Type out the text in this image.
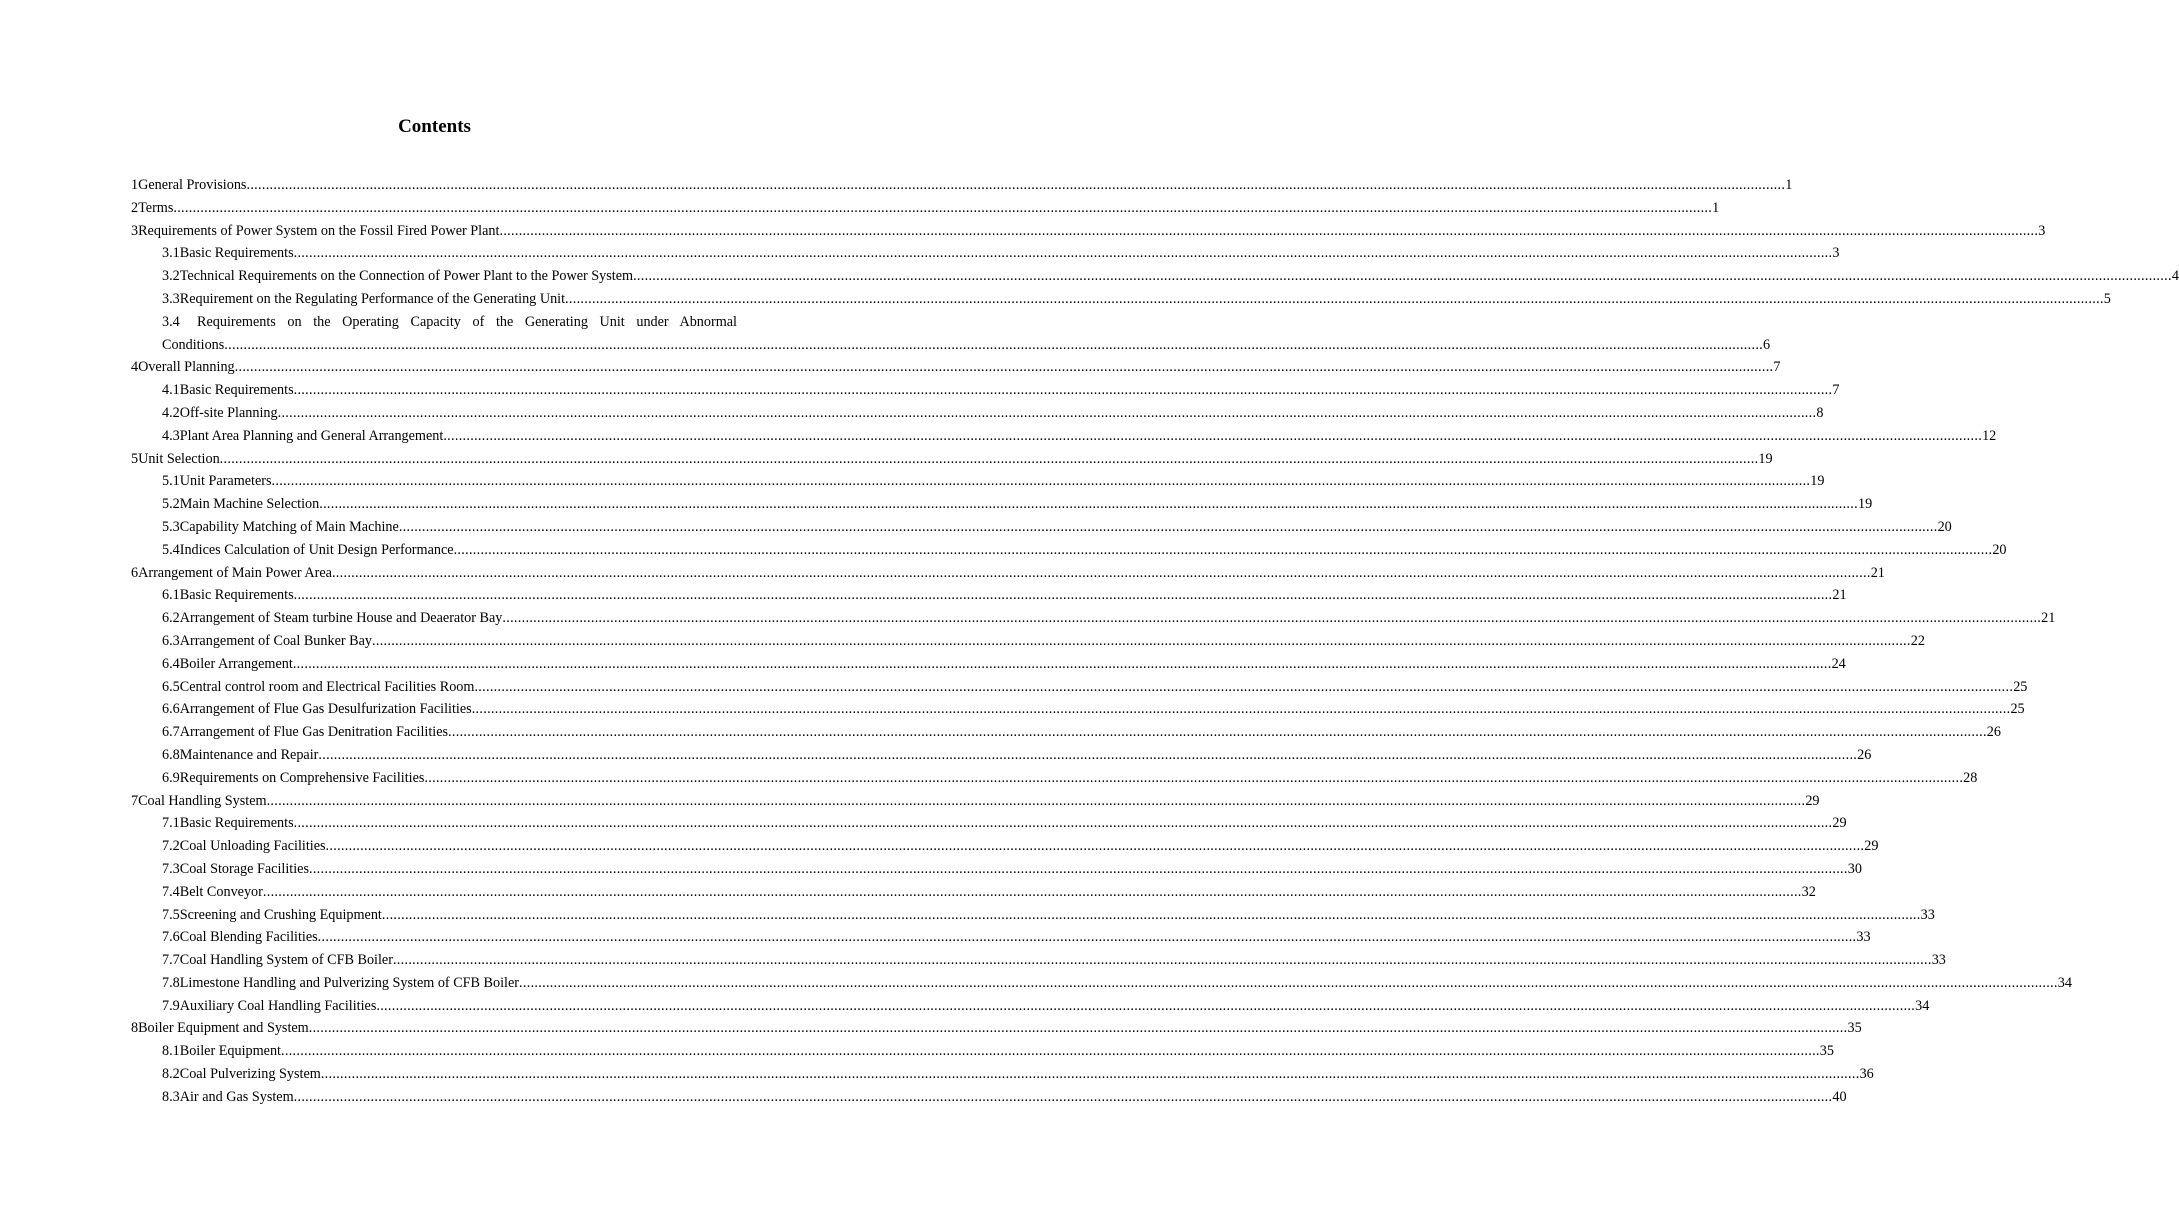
Contents
1 General Provisions ................................................................................................................................................................................................................................................................................................................................................................................................................ 1
2 Terms ................................................................................................................................................................................................................................................................................................................................................................................................................ 1
3 Requirements of Power System on the Fossil Fired Power Plant ................................................................................................................................................................................................................................................................................................................................................................................................................ 3
3.1 Basic Requirements ................................................................................................................................................................................................................................................................................................................................................................................................................ 3
3.2 Technical Requirements on the Connection of Power Plant to the Power System ................................................................................................................................................................................................................................................................................................................................................................................................................ 4
3.3 Requirement on the Regulating Performance of the Generating Unit ................................................................................................................................................................................................................................................................................................................................................................................................................ 5
3.4	Requirements on the Operating Capacity of the Generating Unit under Abnormal
Conditions ................................................................................................................................................................................................................................................................................................................................................................................................................ 6
4 Overall Planning ................................................................................................................................................................................................................................................................................................................................................................................................................ 7
4.1 Basic Requirements ................................................................................................................................................................................................................................................................................................................................................................................................................ 7
4.2 Off-site Planning ................................................................................................................................................................................................................................................................................................................................................................................................................ 8
4.3 Plant Area Planning and General Arrangement ................................................................................................................................................................................................................................................................................................................................................................................................................ 12
5 Unit Selection ................................................................................................................................................................................................................................................................................................................................................................................................................ 19
5.1 Unit Parameters ................................................................................................................................................................................................................................................................................................................................................................................................................ 19
5.2 Main Machine Selection ................................................................................................................................................................................................................................................................................................................................................................................................................ 19
5.3 Capability Matching of Main Machine ................................................................................................................................................................................................................................................................................................................................................................................................................ 20
5.4 Indices Calculation of Unit Design Performance ................................................................................................................................................................................................................................................................................................................................................................................................................ 20
6 Arrangement of Main Power Area ................................................................................................................................................................................................................................................................................................................................................................................................................ 21
6.1 Basic Requirements ................................................................................................................................................................................................................................................................................................................................................................................................................ 21
6.2 Arrangement of Steam turbine House and Deaerator Bay ................................................................................................................................................................................................................................................................................................................................................................................................................ 21
6.3 Arrangement of Coal Bunker Bay ................................................................................................................................................................................................................................................................................................................................................................................................................ 22
6.4 Boiler Arrangement ................................................................................................................................................................................................................................................................................................................................................................................................................ 24
6.5 Central control room and Electrical Facilities Room ................................................................................................................................................................................................................................................................................................................................................................................................................ 25
6.6 Arrangement of Flue Gas Desulfurization Facilities ................................................................................................................................................................................................................................................................................................................................................................................................................ 25
6.7 Arrangement of Flue Gas Denitration Facilities ................................................................................................................................................................................................................................................................................................................................................................................................................ 26
6.8 Maintenance and Repair ................................................................................................................................................................................................................................................................................................................................................................................................................ 26
6.9 Requirements on Comprehensive Facilities ................................................................................................................................................................................................................................................................................................................................................................................................................ 28
7 Coal Handling System ................................................................................................................................................................................................................................................................................................................................................................................................................ 29
7.1 Basic Requirements ................................................................................................................................................................................................................................................................................................................................................................................................................ 29
7.2 Coal Unloading Facilities ................................................................................................................................................................................................................................................................................................................................................................................................................ 29
7.3 Coal Storage Facilities ................................................................................................................................................................................................................................................................................................................................................................................................................ 30
7.4 Belt Conveyor ................................................................................................................................................................................................................................................................................................................................................................................................................ 32
7.5 Screening and Crushing Equipment ................................................................................................................................................................................................................................................................................................................................................................................................................ 33
7.6 Coal Blending Facilities ................................................................................................................................................................................................................................................................................................................................................................................................................ 33
7.7 Coal Handling System of CFB Boiler ................................................................................................................................................................................................................................................................................................................................................................................................................ 33
7.8 Limestone Handling and Pulverizing System of CFB Boiler ................................................................................................................................................................................................................................................................................................................................................................................................................ 34
7.9 Auxiliary Coal Handling Facilities ................................................................................................................................................................................................................................................................................................................................................................................................................ 34
8 Boiler Equipment and System ................................................................................................................................................................................................................................................................................................................................................................................................................ 35
8.1 Boiler Equipment ................................................................................................................................................................................................................................................................................................................................................................................................................ 35
8.2 Coal Pulverizing System ................................................................................................................................................................................................................................................................................................................................................................................................................ 36
8.3 Air and Gas System ................................................................................................................................................................................................................................................................................................................................................................................................................ 40
